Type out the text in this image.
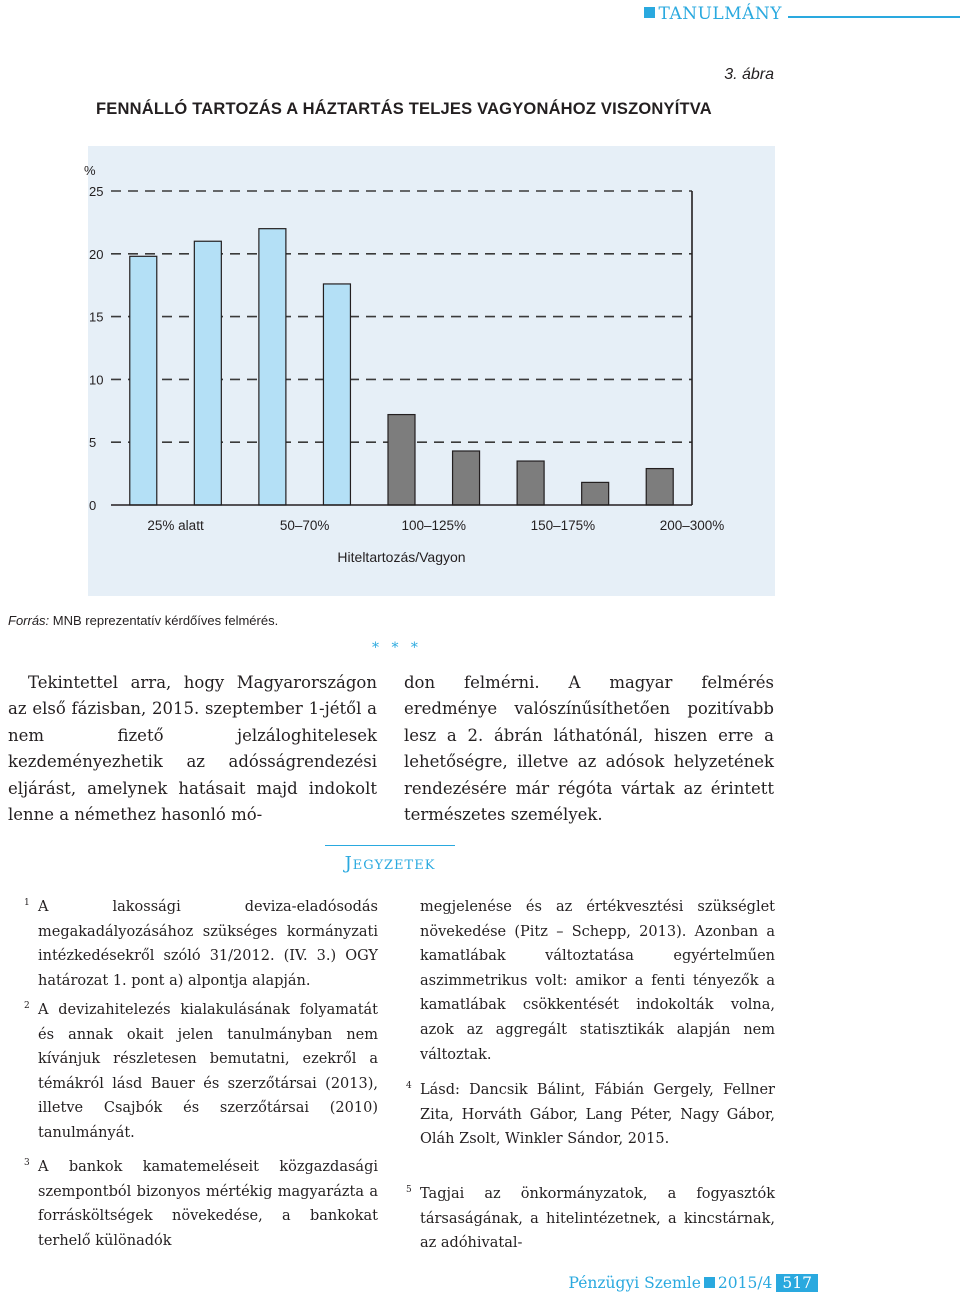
TANULMÁNY
3. ábra
FENNÁLLÓ TARTOZÁS A HÁZTARTÁS TELJES VAGYONÁHOZ VISZONYÍTVA
0
5
10
15
20
25
%
25% alatt	50–70%	100–125%	150–175%	200–300%
Hiteltartozás/Vagyon
Forrás: MNB reprezentatív kérdőíves felmérés.
* * *

Tekintettel arra, hogy Magyarországon az első fázisban, 2015. szeptember 1-jétől a nem fizető jelzáloghitelesek kezdeményezhetik az adósságrendezési eljárást, amelynek hatásait majd indokolt lenne a némethez hasonló mó-

don felmérni. A magyar felmérés eredménye valószínűsíthetően pozitívabb lesz a 2. ábrán láthatónál, hiszen erre a lehetőségre, illetve az adósok helyzetének rendezésére már régóta vártak az érintett természetes személyek.

Jegyzetek
1 A lakossági deviza-eladósodás megakadályozásához szükséges kormányzati intézkedésekről szóló 31/2012. (IV. 3.) OGY határozat 1. pont a) alpontja alapján.

2 A devizahitelezés kialakulásának folyamatát és annak okait jelen tanulmányban nem kívánjuk részletesen bemutatni, ezekről a témákról lásd Bauer és szerzőtársai (2013), illetve Csajbók és szerzőtársai (2010) tanulmányát.

3 A bankok kamatemeléseit közgazdasági szempontból bizonyos mértékig magyarázta a forrásköltségek növekedése, a bankokat terhelő különadók

megjelenése és az értékvesztési szükséglet növekedése (Pitz – Schepp, 2013). Azonban a kamatlábak változtatása egyértelműen aszimmetrikus volt: amikor a fenti tényezők a kamatlábak csökkentését indokolták volna, azok az aggregált statisztikák alapján nem változtak.

4 Lásd: Dancsik Bálint, Fábián Gergely, Fellner Zita, Horváth Gábor, Lang Péter, Nagy Gábor, Oláh Zsolt, Winkler Sándor, 2015.

5 Tagjai az önkormányzatok, a fogyasztók társaságának, a hitelintézetnek, a kincstárnak, az adóhivatal-

Pénzügyi Szemle 2015/4 517
